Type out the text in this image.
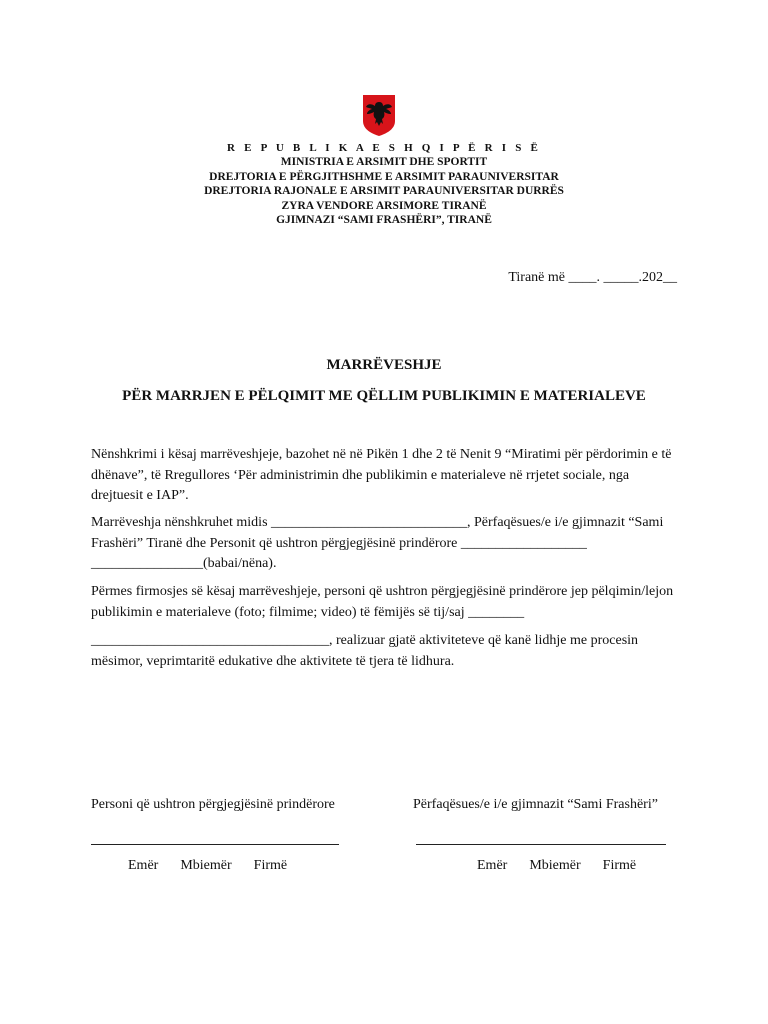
R E P U B L I K A E S H Q I P Ë R I S Ë
MINISTRIA E ARSIMIT DHE SPORTIT
DREJTORIA E PËRGJITHSHME E ARSIMIT PARAUNIVERSITAR
DREJTORIA RAJONALE E ARSIMIT PARAUNIVERSITAR DURRËS
ZYRA VENDORE ARSIMORE TIRANË
GJIMNAZI “SAMI FRASHËRI”, TIRANË
Tiranë më ____. _____.202__
MARRËVESHJE
PËR MARRJEN E PËLQIMIT ME QËLLIM PUBLIKIMIN E MATERIALEVE
Nënshkrimi i kësaj marrëveshjeje, bazohet në në Pikën 1 dhe 2 të Nenit 9 “Miratimi për përdorimin e të dhënave”, të Rregullores ‘Për administrimin dhe publikimin e materialeve në rrjetet sociale, nga drejtuesit e IAP”.
Marrëveshja nënshkruhet midis ____________________________, Përfaqësues/e i/e gjimnazit “Sami Frashëri” Tiranë dhe Personit që ushtron përgjegjësinë prindërore __________________ ________________(babai/nëna).
Përmes firmosjes së kësaj marrëveshjeje, personi që ushtron përgjegjësinë prindërore jep pëlqimin/lejon publikimin e materialeve (foto; filmime; video) të fëmijës së tij/saj ________
__________________________________, realizuar gjatë aktiviteteve që kanë lidhje me procesin mësimor, veprimtaritë edukative dhe aktivitete të tjera të lidhura.
Personi që ushtron përgjegjësinë prindërore	Përfaqësues/e i/e gjimnazit “Sami Frashëri”
Emër Mbiemër Firmë	Emër Mbiemër Firmë
